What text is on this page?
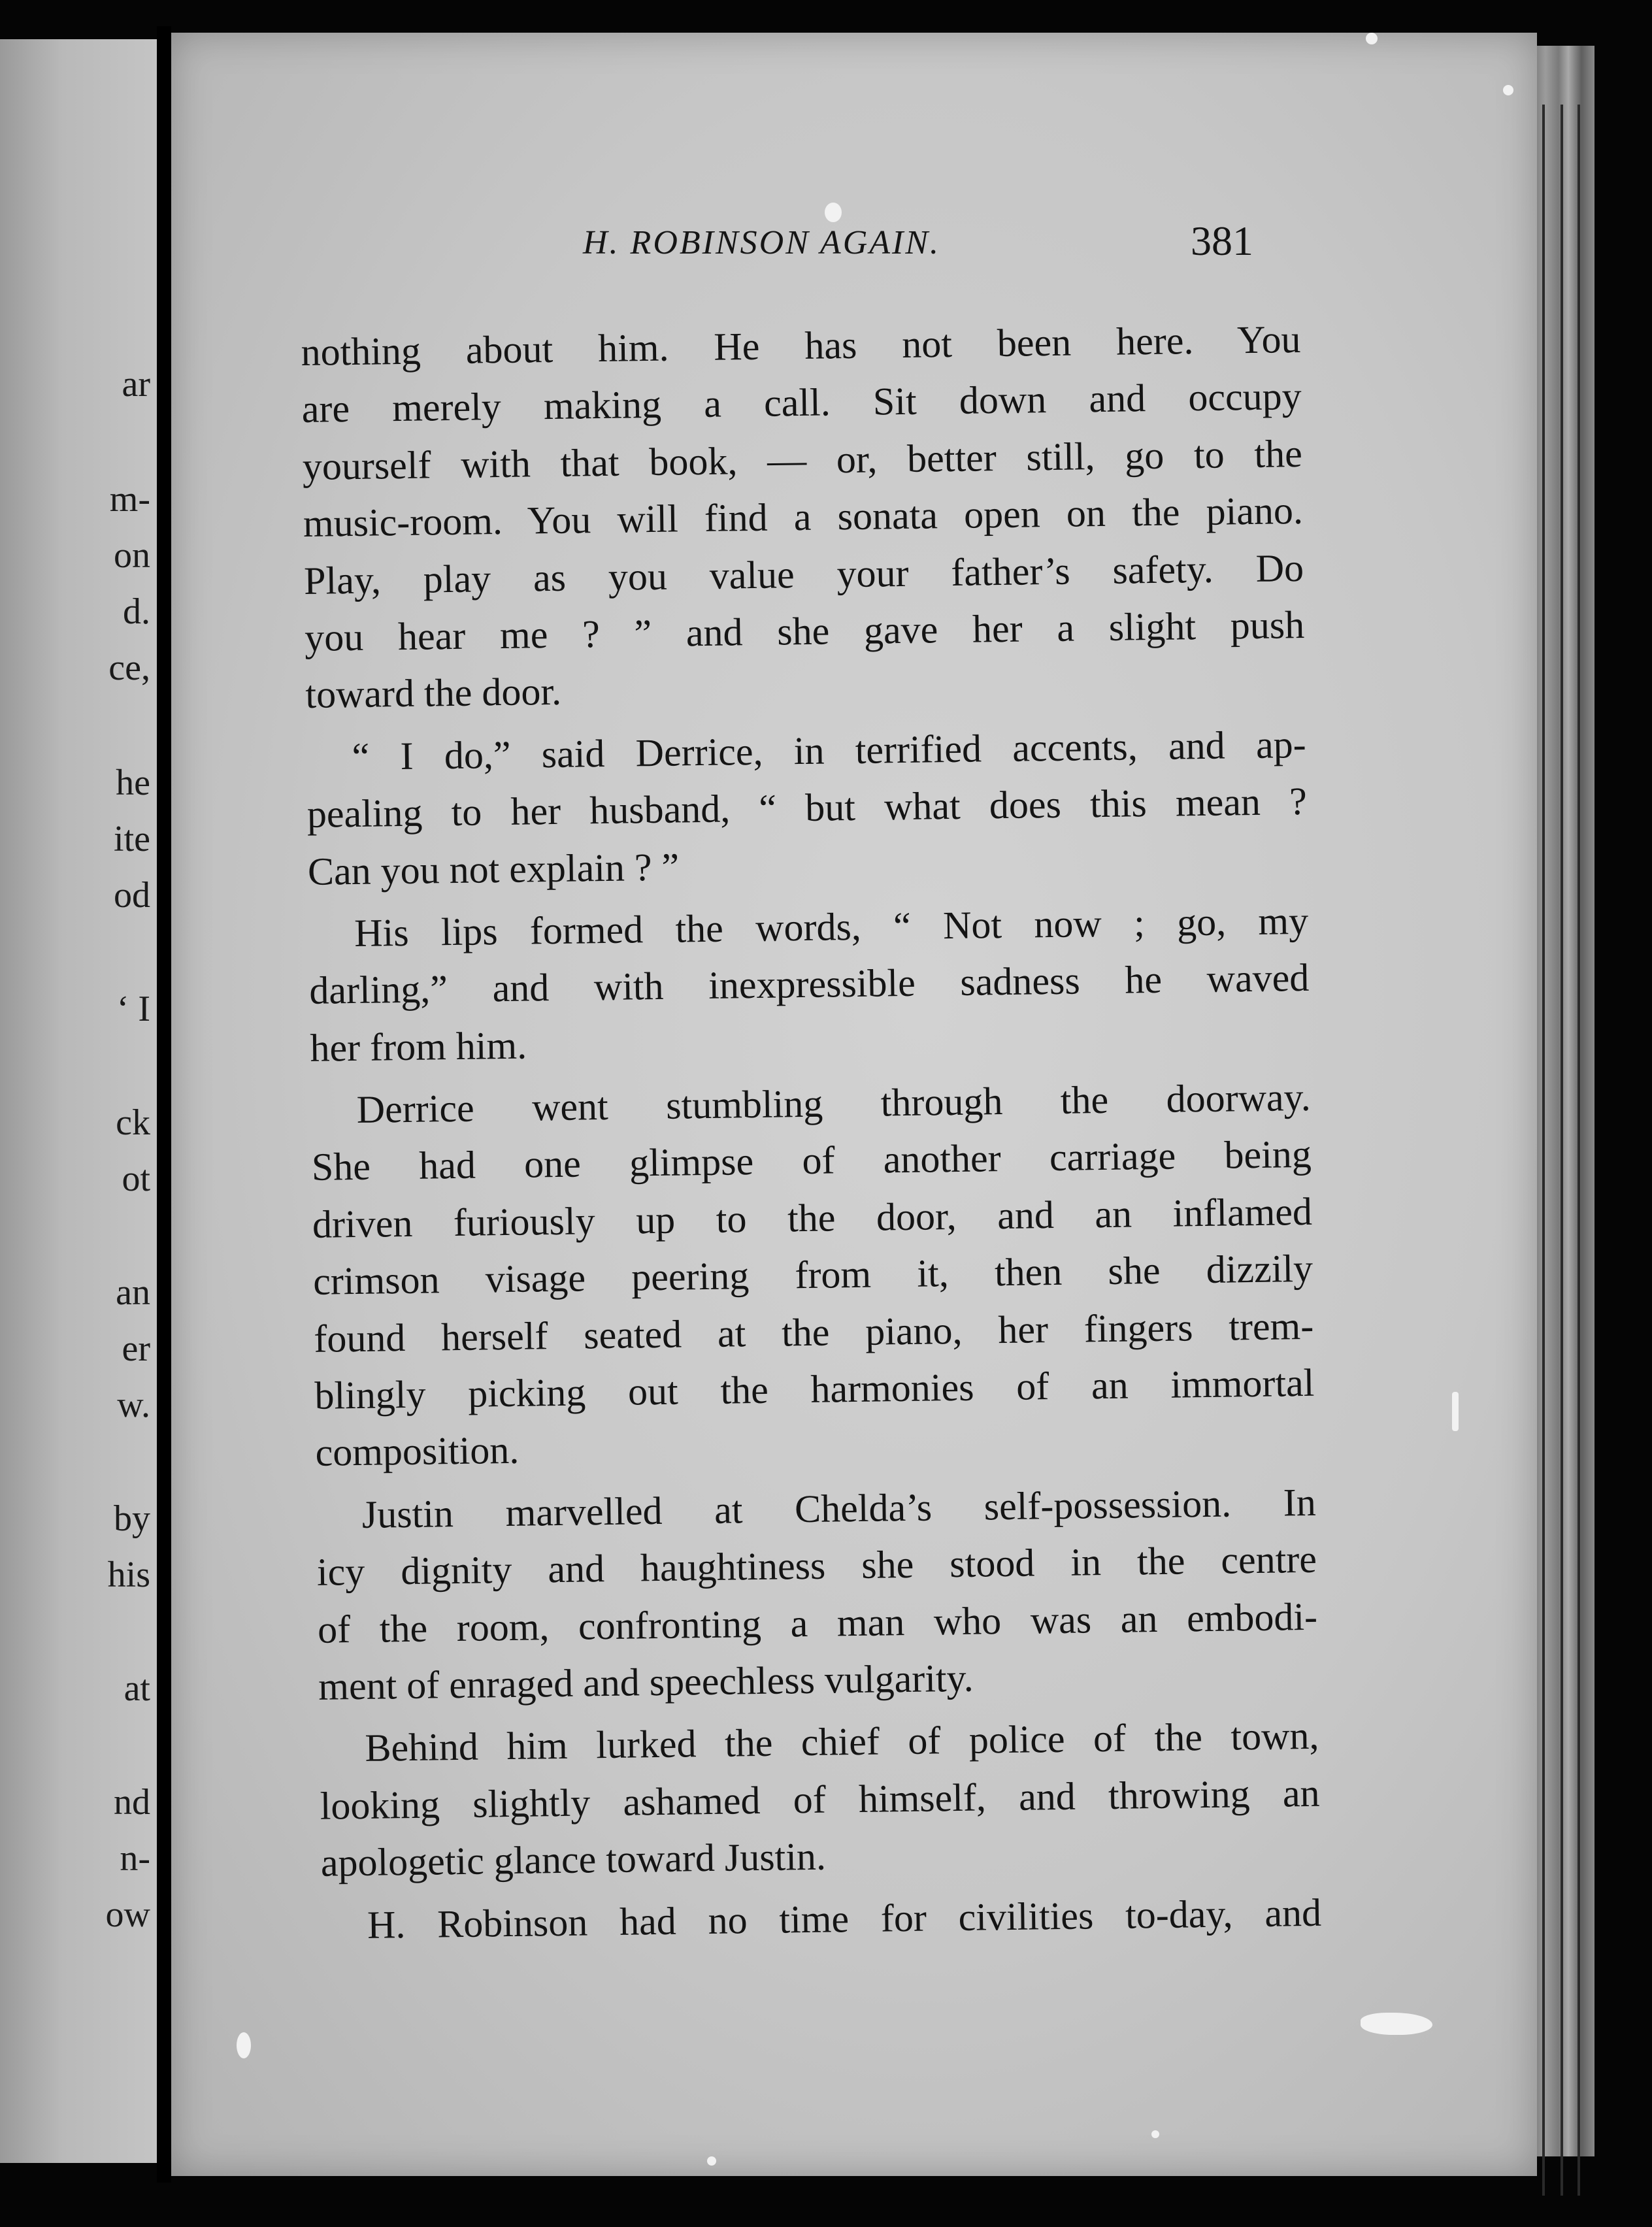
ar
m-
on
d.
ce,
he
ite
od
‘ I
ck
ot
an
er
w.
by
his
at
nd
n-
ow
H. ROBINSON AGAIN.	381
nothing about him. He has not been here. You
are merely making a call. Sit down and occupy
yourself with that book, — or, better still, go to the
music-room. You will find a sonata open on the piano.
Play, play as you value your father’s safety. Do
you hear me ? ” and she gave her a slight push
toward the door.
“ I do,” said Derrice, in terrified accents, and ap-
pealing to her husband, “ but what does this mean ?
Can you not explain ? ”
His lips formed the words, “ Not now ; go, my
darling,” and with inexpressible sadness he waved
her from him.
Derrice went stumbling through the doorway.
She had one glimpse of another carriage being
driven furiously up to the door, and an inflamed
crimson visage peering from it, then she dizzily
found herself seated at the piano, her fingers trem-
blingly picking out the harmonies of an immortal
composition.
Justin marvelled at Chelda’s self-possession. In
icy dignity and haughtiness she stood in the centre
of the room, confronting a man who was an embodi-
ment of enraged and speechless vulgarity.
Behind him lurked the chief of police of the town,
looking slightly ashamed of himself, and throwing an
apologetic glance toward Justin.
H. Robinson had no time for civilities to-day, and
